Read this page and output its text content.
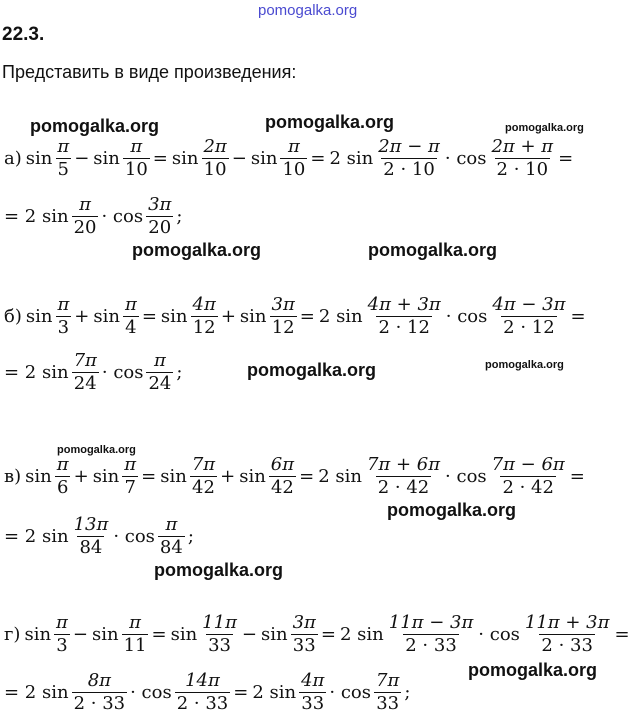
pomogalka.org
22.3.
Представить в виде произведения:
pomogalka.org	pomogalka.org	pomogalka.org
pomogalka.org	pomogalka.org
pomogalka.org	pomogalka.org
pomogalka.org
pomogalka.org
pomogalka.org
pomogalka.org
а) $\sin \frac{\pi}{5} - \sin \frac{\pi}{10} = \sin \frac{2\pi}{10} - \sin \frac{\pi}{10} = 2$ $\sin \frac{2\pi - \pi}{2 \cdot 10} \cdot \cos \frac{2\pi + \pi}{2 \cdot 10}$ =
= 2 $\sin \frac{\pi}{20} \cdot \cos \frac{3\pi}{20}$ ;
б) $\sin \frac{\pi}{3} + \sin \frac{\pi}{4} = \sin \frac{4\pi}{12} + \sin \frac{3\pi}{12} = 2$ $\sin \frac{4\pi + 3\pi}{2 \cdot 12} \cdot \cos \frac{4\pi - 3\pi}{2 \cdot 12}$ =
= 2 $\sin \frac{7\pi}{24} \cdot \cos \frac{\pi}{24}$ ;
в) $\sin \frac{\pi}{6} + \sin \frac{\pi}{7} = \sin \frac{7\pi}{42} + \sin \frac{6\pi}{42} = 2$ $\sin \frac{7\pi + 6\pi}{2 \cdot 42} \cdot \cos \frac{7\pi - 6\pi}{2 \cdot 42}$ =
= 2 $\sin \frac{13\pi}{84} \cdot \cos \frac{\pi}{84}$ ;
г) $\sin \frac{\pi}{3} - \sin \frac{\pi}{11} = \sin \frac{11\pi}{33} - \sin \frac{3\pi}{33} = 2$ $\sin \frac{11\pi - 3\pi}{2 \cdot 33} \cdot \cos \frac{11\pi + 3\pi}{2 \cdot 33}$ =
= 2 $\sin \frac{8\pi}{2 \cdot 33} \cdot \cos \frac{14\pi}{2 \cdot 33} = 2$ $\sin \frac{4\pi}{33} \cdot \cos \frac{7\pi}{33}$ ;
